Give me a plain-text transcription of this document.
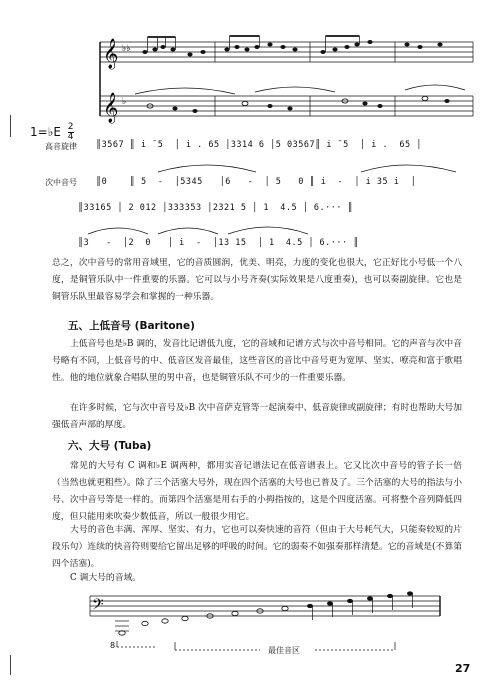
𝄞
𝄞
♭♭
♭
1=♭E $\frac{2}{4}$
高音旋律
次中音号
║3567 ║ i ¯5  │ i . 65 │3314 6 │5 03567║ i ¯5  │ i .  65 │
║0    ║ 5  -  │5345   │6   -  │ 5   0 ║ i  -  │ i 35 i  │
║33165 │ 2 012 │333353 │2321 5 │ 1  4.5 │ 6.··· ║
║3   -  │2  0   │ i  -  │13 15  │ 1  4.5 │ 6.··· ║
总之，次中音号的常用音域里，它的音质圆润，优美、明亮，力度的变化也很大，它正好比小号低一个八度，是铜管乐队中一件重要的乐器。它可以与小号齐奏(实际效果是八度重奏)，也可以奏副旋律。它也是铜管乐队里最容易学会和掌握的一种乐器。
五、上低音号 (Baritone)
上低音号也是♭B 调的，发音比记谱低九度，它的音域和记谱方式与次中音号相同。它的声音与次中音号略有不同，上低音号的中、低音区发音最佳，这些音区的音比中音号更为宽厚、坚实、嘹亮和富于歌唱性。他的地位就象合唱队里的男中音，也是铜管乐队不可少的一件重要乐器。
在许多时候，它与次中音号及♭B 次中音萨克管等一起演奏中、低音旋律或副旋律；有时也帮助大号加强低音声部的厚度。
六、大号 (Tuba)
常见的大号有 C 调和♭E 调两种，都用实音记谱法记在低音谱表上。它又比次中音号的管子长一倍（当然也就更粗些）。除了三个活塞大号外，现在四个活塞的大号也已普及了。三个活塞的大号的指法与小号、次中音号等是一样的。而第四个活塞是用右手的小拇指按的，这是个四度活塞。可将整个音列降低四度，但只能用来吹奏少数低音，所以一般很少用它。
大号的音色丰满、浑厚、坚实、有力，它也可以奏快速的音符（但由于大号耗气大，只能奏较短的片段乐句）连续的快音符则要给它留出足够的呼吸的时间。它的弱奏不如强奏那样清楚。它的音域是(不算第四个活塞)。
C 调大号的音域。
𝄢
8
最佳音区
27
